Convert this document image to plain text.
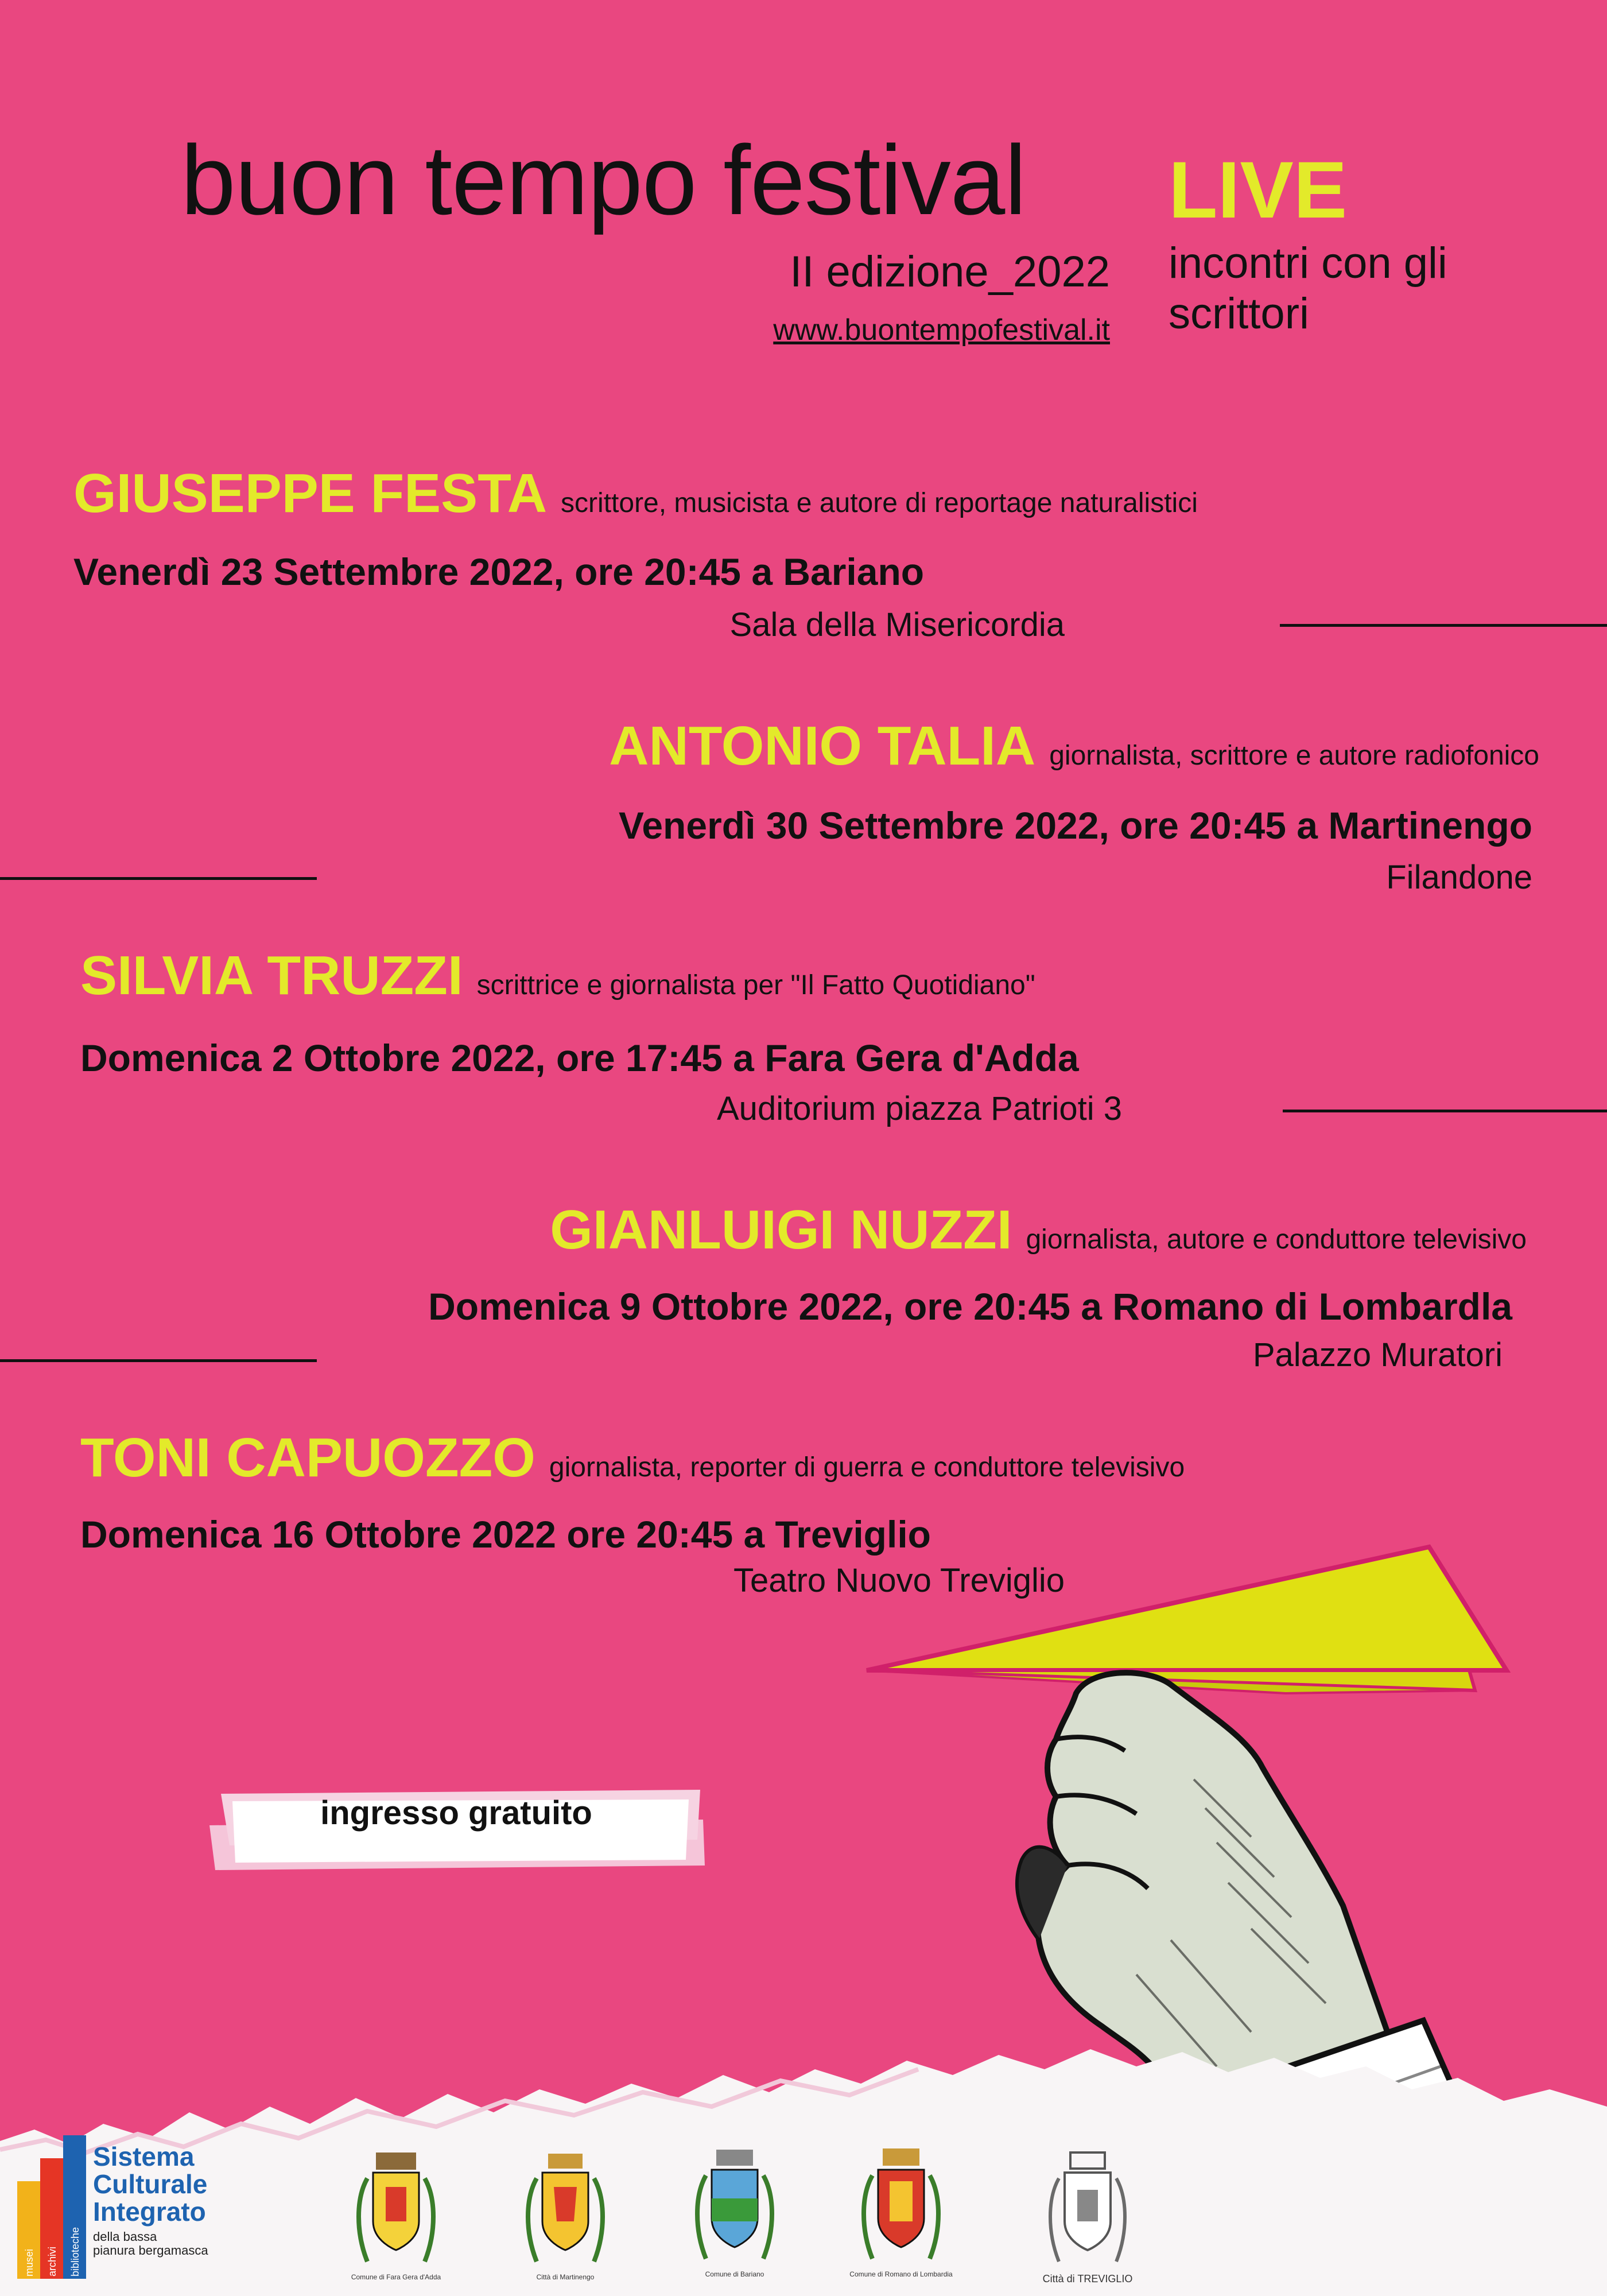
buon tempo festival
II edizione_2022
www.buontempofestival.it
LIVE
incontri con gli scrittori
GIUSEPPE FESTA scrittore, musicista e autore di reportage naturalistici
Venerdì 23 Settembre 2022, ore 20:45 a Bariano
Sala della Misericordia
ANTONIO TALIA giornalista, scrittore e autore radiofonico
Venerdì 30 Settembre 2022, ore 20:45 a Martinengo
Filandone
SILVIA TRUZZI scrittrice e giornalista per "Il Fatto Quotidiano"
Domenica 2 Ottobre 2022, ore 17:45 a Fara Gera d'Adda
Auditorium piazza Patrioti 3
GIANLUIGI NUZZI giornalista, autore e conduttore televisivo
Domenica 9 Ottobre 2022, ore 20:45 a Romano di Lombardla
Palazzo Muratori
TONI CAPUOZZO giornalista, reporter di guerra e conduttore televisivo
Domenica 16 Ottobre 2022 ore 20:45 a Treviglio
Teatro Nuovo Treviglio
ingresso gratuito
musei archivi biblioteche
Sistema
Culturale
Integrato
della bassa
pianura bergamasca
Comune di Fara Gera d'Adda	Città di Martinengo	Comune di Bariano	Comune di Romano di Lombardia	Città di TREVIGLIO
